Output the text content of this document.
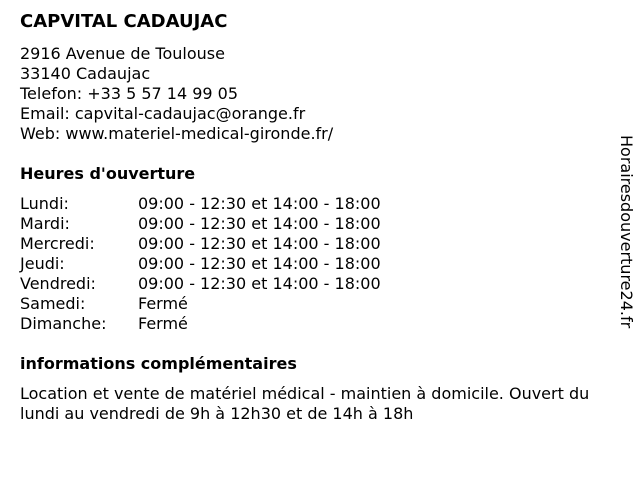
CAPVITAL CADAUJAC
2916 Avenue de Toulouse
33140 Cadaujac
Telefon: +33 5 57 14 99 05
Email: capvital-cadaujac@orange.fr
Web: www.materiel-medical-gironde.fr/
Heures d'ouverture
Lundi:	09:00 - 12:30 et 14:00 - 18:00
Mardi:	09:00 - 12:30 et 14:00 - 18:00
Mercredi:	09:00 - 12:30 et 14:00 - 18:00
Jeudi:	09:00 - 12:30 et 14:00 - 18:00
Vendredi:	09:00 - 12:30 et 14:00 - 18:00
Samedi:	Fermé
Dimanche:	Fermé
informations complémentaires
Location et vente de matériel médical - maintien à domicile. Ouvert du lundi au vendredi de 9h à 12h30 et de 14h à 18h
Horairesdouverture24.fr
